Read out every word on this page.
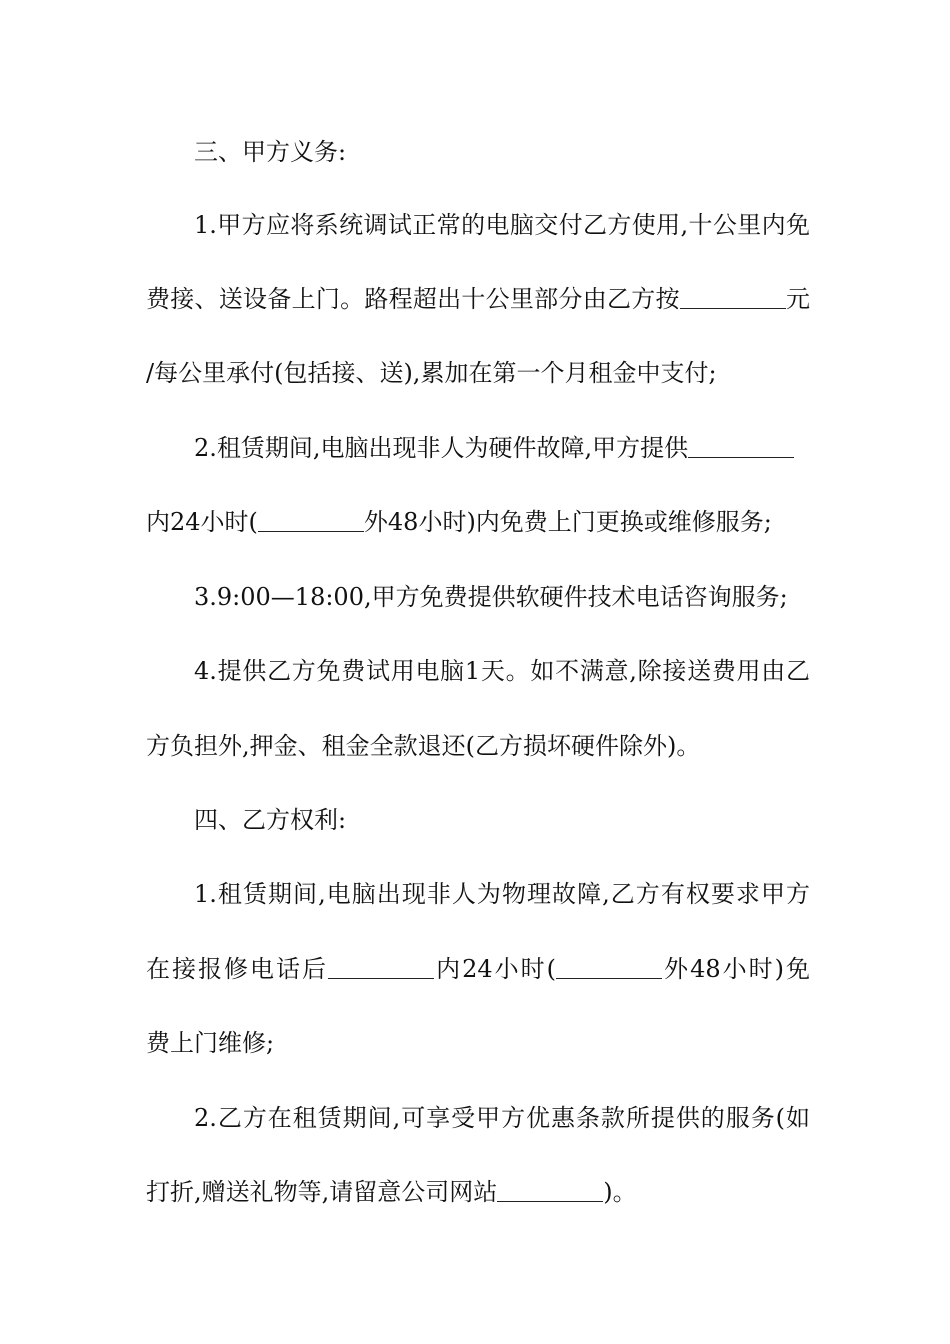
三、甲方义务:
1.甲方应将系统调试正常的电脑交付乙方使用,十公里内免
费接、送设备上门。路程超出十公里部分由乙方按	元
/每公里承付(包括接、送),累加在第一个月租金中支付;
2.租赁期间,电脑出现非人为硬件故障,甲方提供
内24小时(	外48小时)内免费上门更换或维修服务;
3.9:00—18:00,甲方免费提供软硬件技术电话咨询服务;
4.提供乙方免费试用电脑1天。如不满意,除接送费用由乙
方负担外,押金、租金全款退还(乙方损坏硬件除外)。
四、乙方权利:
1.租赁期间,电脑出现非人为物理故障,乙方有权要求甲方
在接报修电话后	内24小时(	外48小时)免
费上门维修;
2.乙方在租赁期间,可享受甲方优惠条款所提供的服务(如
打折,赠送礼物等,请留意公司网站	)。
